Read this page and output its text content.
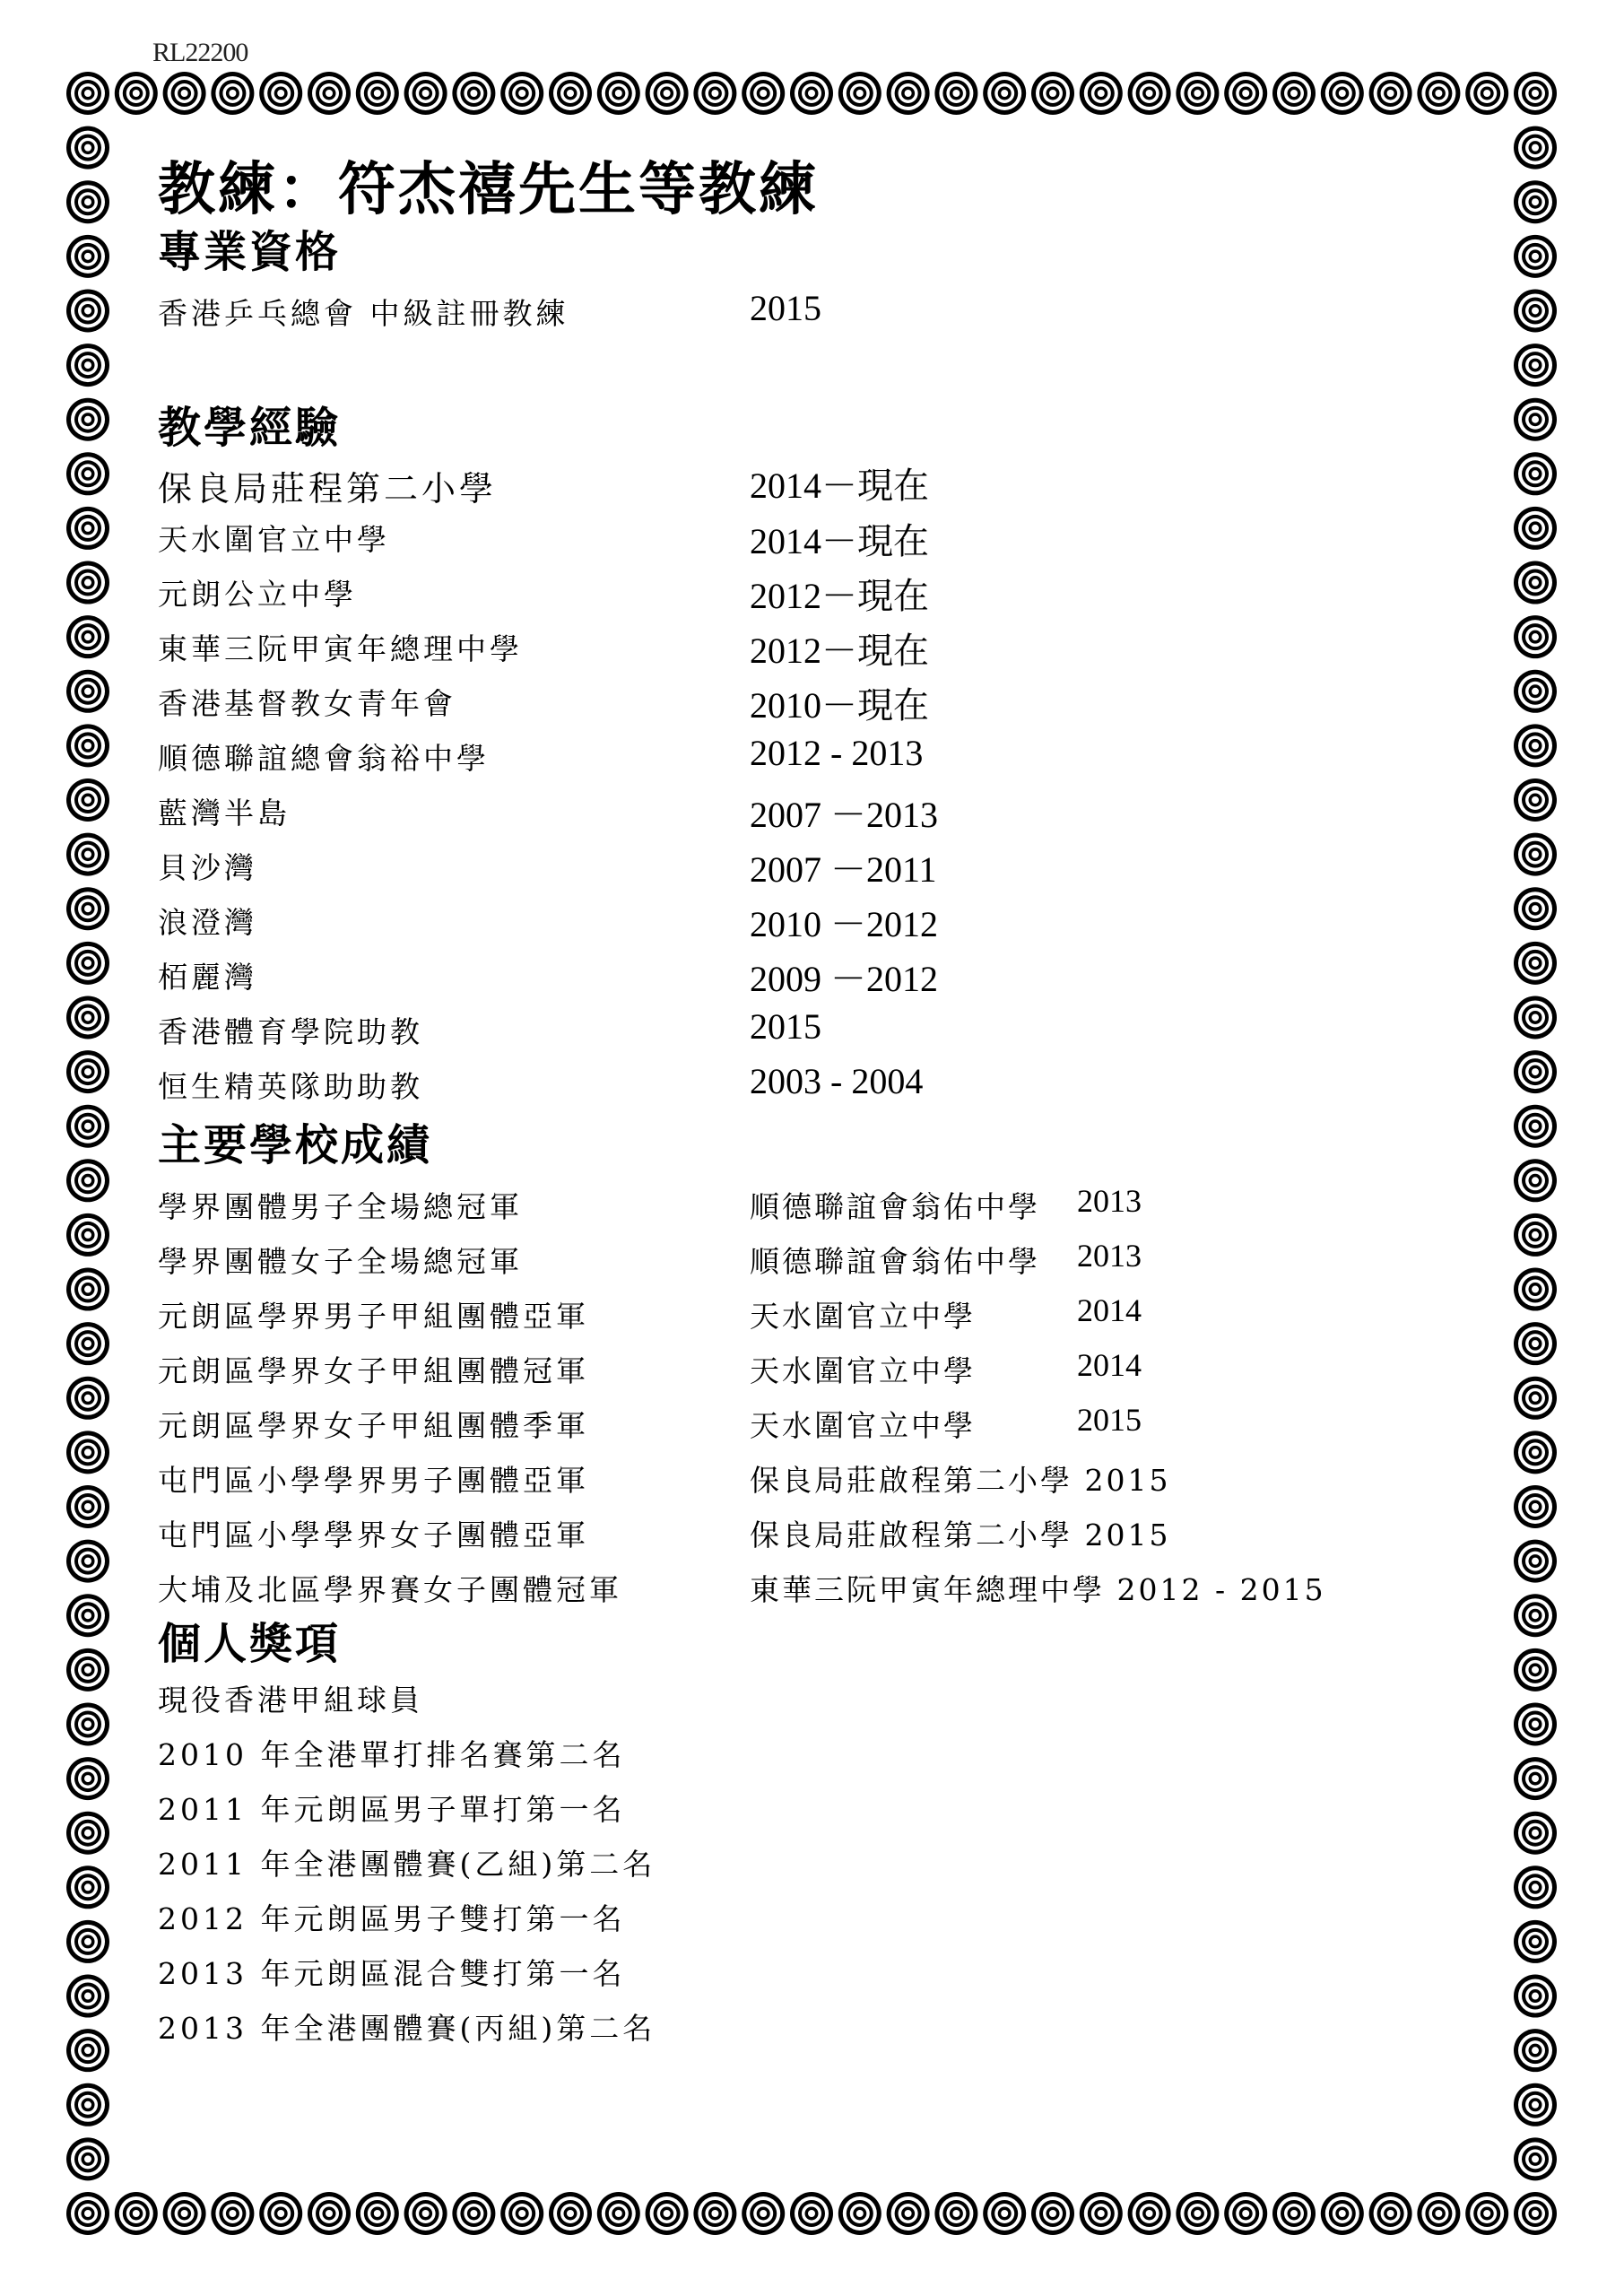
RL22200
教練：符杰禧先生等教練
專業資格
香港乒乓總會 中級註冊教練	2015
教學經驗
保良局莊程第二小學	2014－現在
天水圍官立中學	2014－現在
元朗公立中學	2012－現在
東華三阮甲寅年總理中學	2012－現在
香港基督教女青年會	2010－現在
順德聯誼總會翁裕中學	2012 - 2013
藍灣半島	2007 －2013
貝沙灣	2007 －2011
浪澄灣	2010 －2012
栢麗灣	2009 －2012
香港體育學院助教	2015
恒生精英隊助助教	2003 - 2004
主要學校成績
學界團體男子全場總冠軍	順德聯誼會翁佑中學 2013
學界團體女子全場總冠軍	順德聯誼會翁佑中學 2013
元朗區學界男子甲組團體亞軍	天水圍官立中學	2014
元朗區學界女子甲組團體冠軍	天水圍官立中學	2014
元朗區學界女子甲組團體季軍	天水圍官立中學	2015
屯門區小學學界男子團體亞軍	保良局莊啟程第二小學 2015
屯門區小學學界女子團體亞軍	保良局莊啟程第二小學 2015
大埔及北區學界賽女子團體冠軍	東華三阮甲寅年總理中學 2012 - 2015
個人獎項
現役香港甲組球員
2010 年全港單打排名賽第二名
2011 年元朗區男子單打第一名
2011 年全港團體賽(乙組)第二名
2012 年元朗區男子雙打第一名
2013 年元朗區混合雙打第一名
2013 年全港團體賽(丙組)第二名
